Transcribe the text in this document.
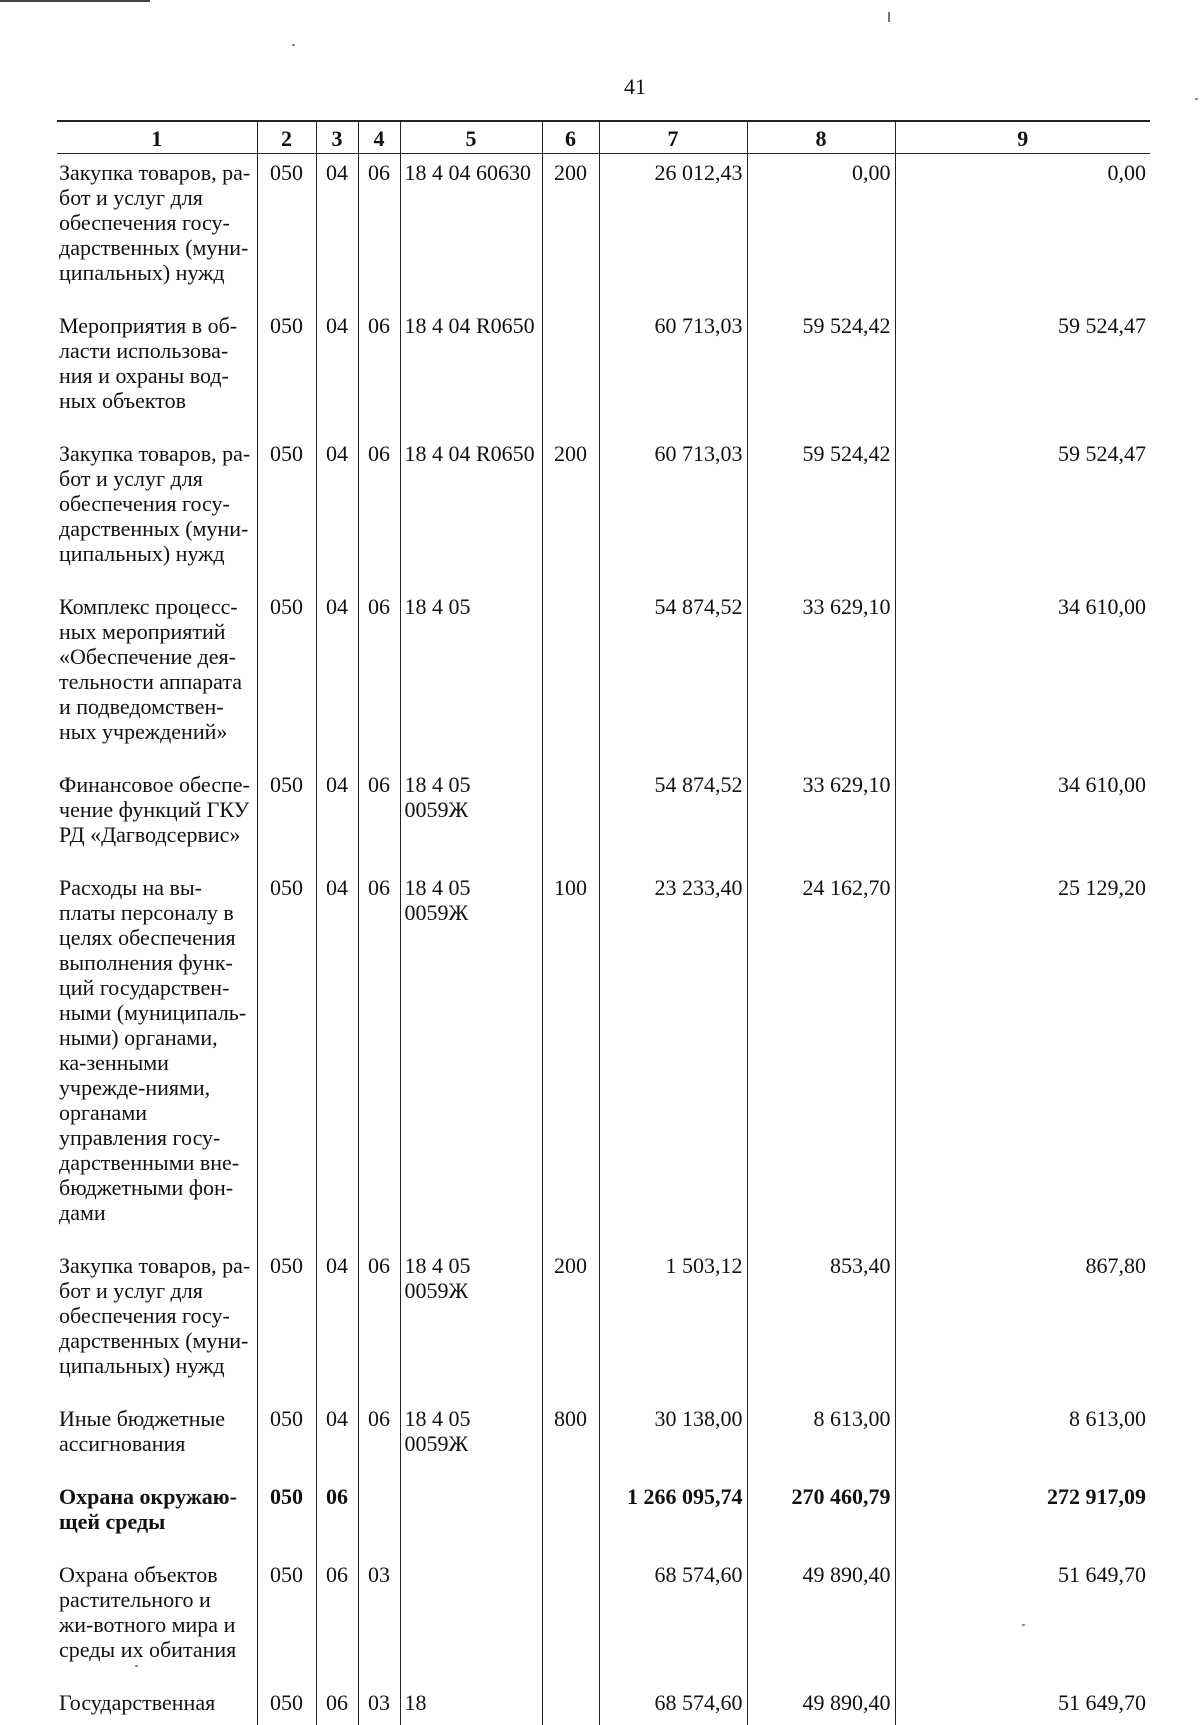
41
1	2	3	4	5	6	7	8	9
Закупка товаров, ра-бот и услуг для обеспечения госу-дарственных (муни-ципальных) нужд	050	04	06	18 4 04 60630	200	26 012,43	0,00	0,00
Мероприятия в об-ласти использова-ния и охраны вод-ных объектов	050	04	06	18 4 04 R0650		60 713,03	59 524,42	59 524,47
Закупка товаров, ра-бот и услуг для обеспечения госу-дарственных (муни-ципальных) нужд	050	04	06	18 4 04 R0650	200	60 713,03	59 524,42	59 524,47
Комплекс процесс-ных мероприятий «Обеспечение дея-тельности аппарата и подведомствен-ных учреждений»	050	04	06	18 4 05		54 874,52	33 629,10	34 610,00
Финансовое обеспе-чение функций ГКУ РД «Дагводсервис»	050	04	06	18 4 05 0059Ж		54 874,52	33 629,10	34 610,00
Расходы на вы-платы персоналу в целях обеспечения выполнения функ-ций государствен-ными (муниципаль-ными) органами, ка-зенными учрежде-ниями, органами управления госу-дарственными вне-бюджетными фон-дами	050	04	06	18 4 05 0059Ж	100	23 233,40	24 162,70	25 129,20
Закупка товаров, ра-бот и услуг для обеспечения госу-дарственных (муни-ципальных) нужд	050	04	06	18 4 05 0059Ж	200	1 503,12	853,40	867,80
Иные бюджетные ассигнования	050	04	06	18 4 05 0059Ж	800	30 138,00	8 613,00	8 613,00
Охрана окружаю-щей среды	050	06				1 266 095,74	270 460,79	272 917,09
Охрана объектов растительного и жи-вотного мира и среды их обитания	050	06	03			68 574,60	49 890,40	51 649,70
Государственная	050	06	03	18		68 574,60	49 890,40	51 649,70
